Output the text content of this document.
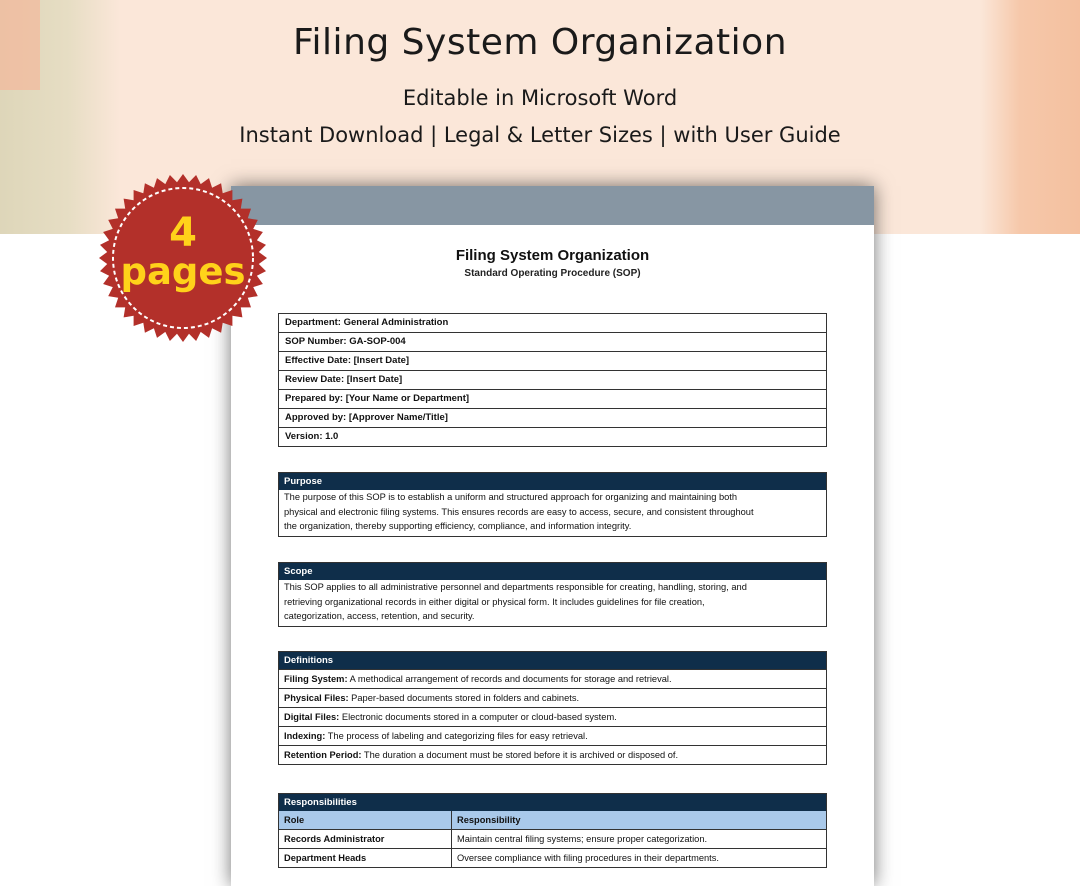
Filing System Organization
Editable in Microsoft Word
Instant Download | Legal & Letter Sizes | with User Guide
Filing System Organization
Standard Operating Procedure (SOP)
Department: General Administration
SOP Number: GA-SOP-004
Effective Date: [Insert Date]
Review Date: [Insert Date]
Prepared by: [Your Name or Department]
Approved by: [Approver Name/Title]
Version: 1.0
Purpose
The purpose of this SOP is to establish a uniform and structured approach for organizing and maintaining both
physical and electronic filing systems. This ensures records are easy to access, secure, and consistent throughout
the organization, thereby supporting efficiency, compliance, and information integrity.
Scope
This SOP applies to all administrative personnel and departments responsible for creating, handling, storing, and
retrieving organizational records in either digital or physical form. It includes guidelines for file creation,
categorization, access, retention, and security.
Definitions
Filing System: A methodical arrangement of records and documents for storage and retrieval.
Physical Files: Paper-based documents stored in folders and cabinets.
Digital Files: Electronic documents stored in a computer or cloud-based system.
Indexing: The process of labeling and categorizing files for easy retrieval.
Retention Period: The duration a document must be stored before it is archived or disposed of.
Responsibilities
Role	Responsibility
Records Administrator	Maintain central filing systems; ensure proper categorization.
Department Heads	Oversee compliance with filing procedures in their departments.
4
pages
